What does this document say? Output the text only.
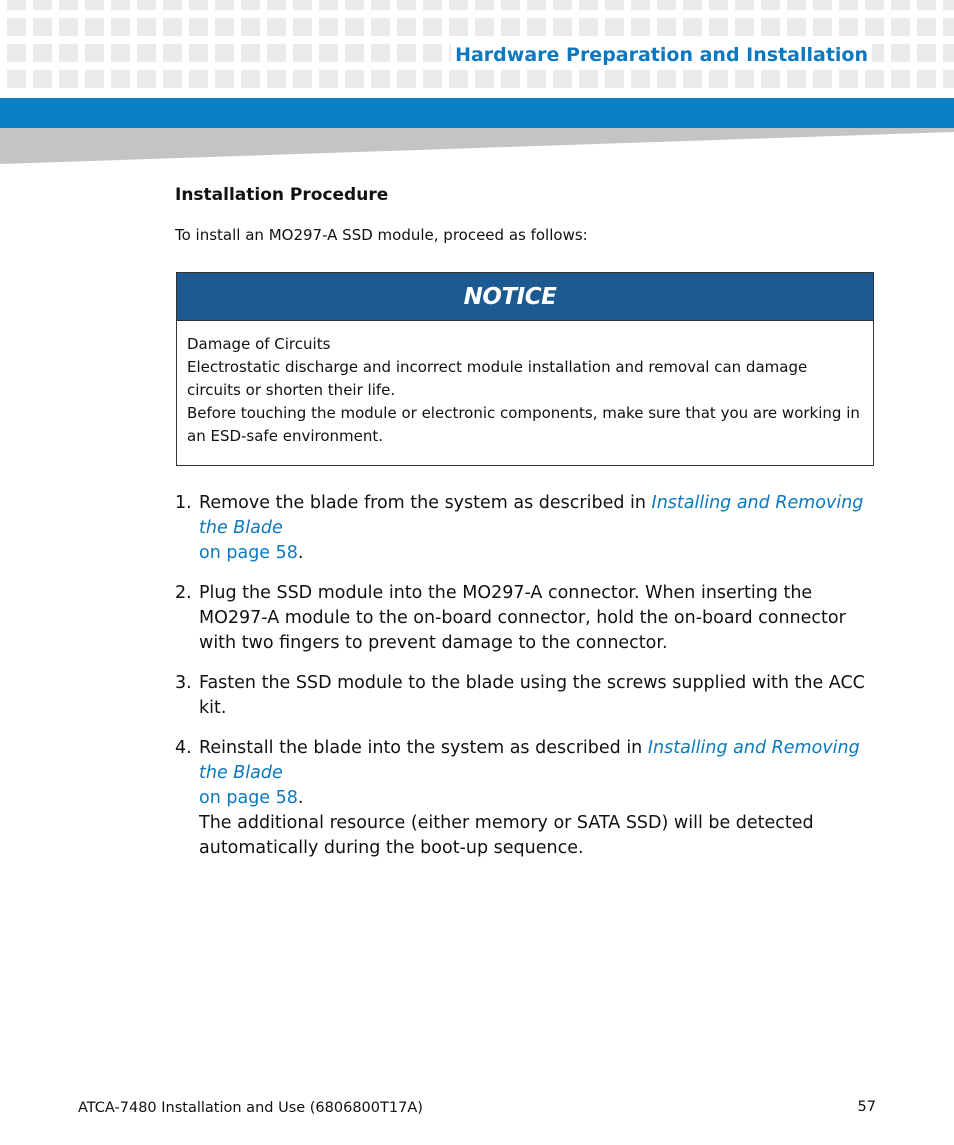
Hardware Preparation and Installation
Installation Procedure

To install an MO297-A SSD module, proceed as follows:

NOTICE

Damage of Circuits

Electrostatic discharge and incorrect module installation and removal can damage circuits or shorten their life.

Before touching the module or electronic components, make sure that you are working in an ESD-safe environment.

1. Remove the blade from the system as described in Installing and Removing the Blade
on page 58.
2. Plug the SSD module into the MO297-A connector. When inserting the MO297-A module to the on-board connector, hold the on-board connector with two fingers to prevent damage to the connector.
3. Fasten the SSD module to the blade using the screws supplied with the ACC kit.
4. Reinstall the blade into the system as described in Installing and Removing the Blade
on page 58.

The additional resource (either memory or SATA SSD) will be detected automatically during the boot-up sequence.

ATCA-7480 Installation and Use (6806800T17A)	57
